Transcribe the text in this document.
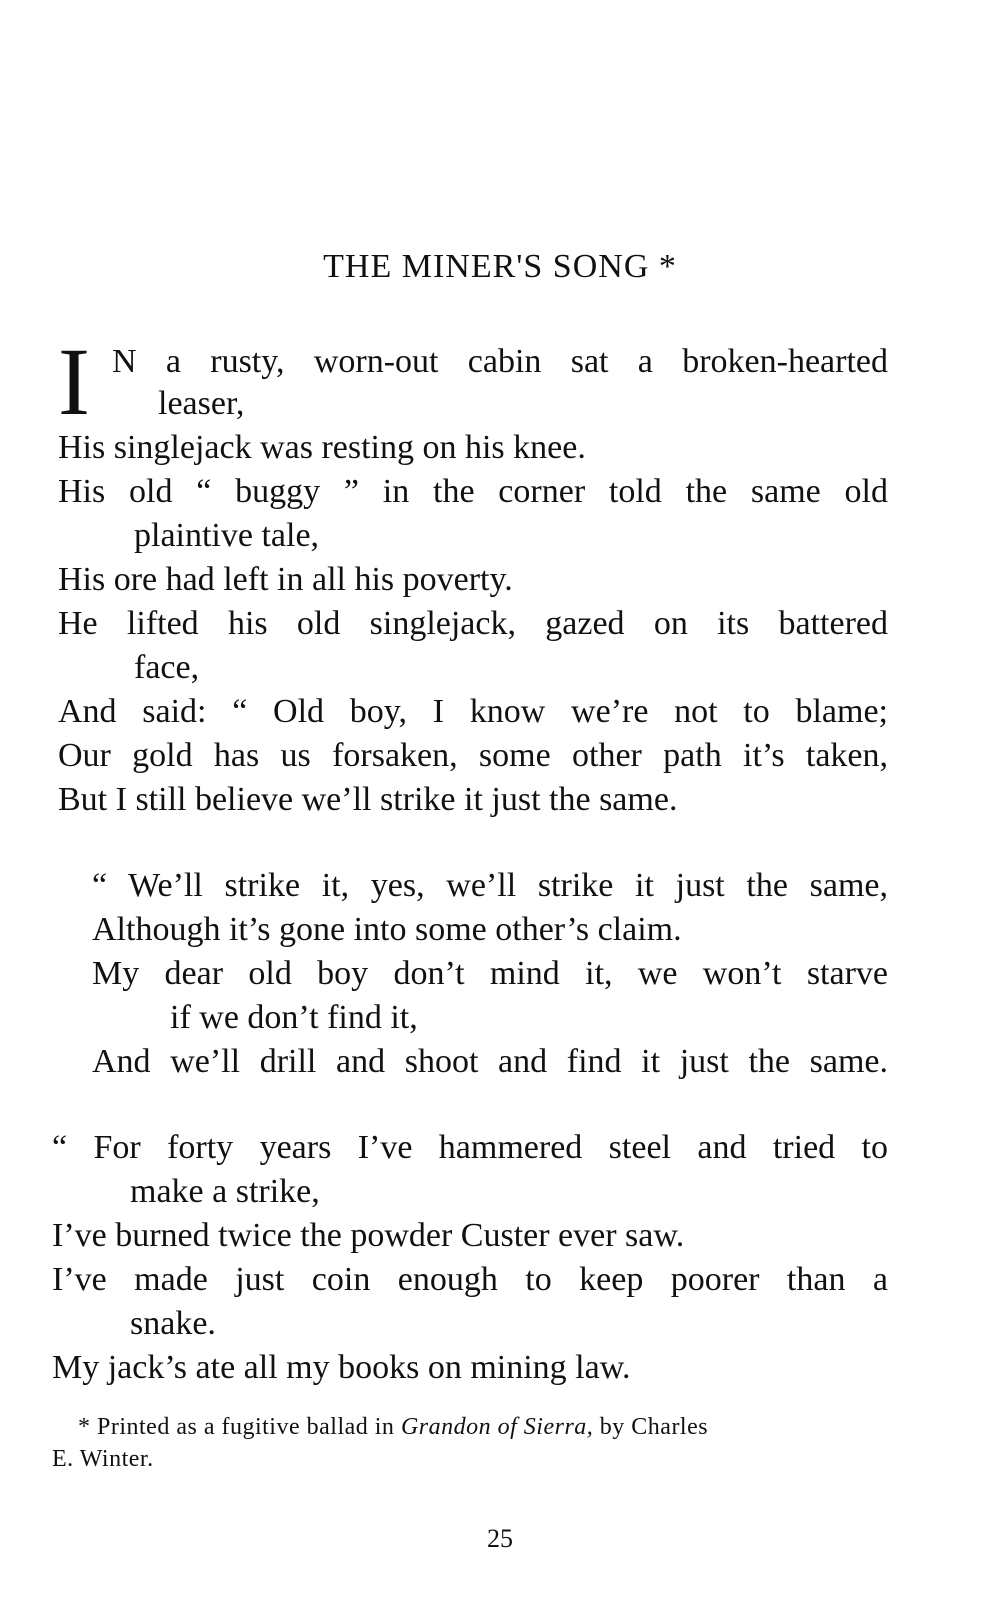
THE MINER'S SONG *
I N a rusty, worn-out cabin sat a broken-hearted
leaser,
His singlejack was resting on his knee.
His old “ buggy ” in the corner told the same old
plaintive tale,
His ore had left in all his poverty.
He lifted his old singlejack, gazed on its battered
face,
And said: “ Old boy, I know we’re not to blame;
Our gold has us forsaken, some other path it’s taken,
But I still believe we’ll strike it just the same.
“ We’ll strike it, yes, we’ll strike it just the same,
Although it’s gone into some other’s claim.
My dear old boy don’t mind it, we won’t starve
if we don’t find it,
And we’ll drill and shoot and find it just the same.
“ For forty years I’ve hammered steel and tried to
make a strike,
I’ve burned twice the powder Custer ever saw.
I’ve made just coin enough to keep poorer than a
snake.
My jack’s ate all my books on mining law.
* Printed as a fugitive ballad in Grandon of Sierra, by Charles
E. Winter.
25
